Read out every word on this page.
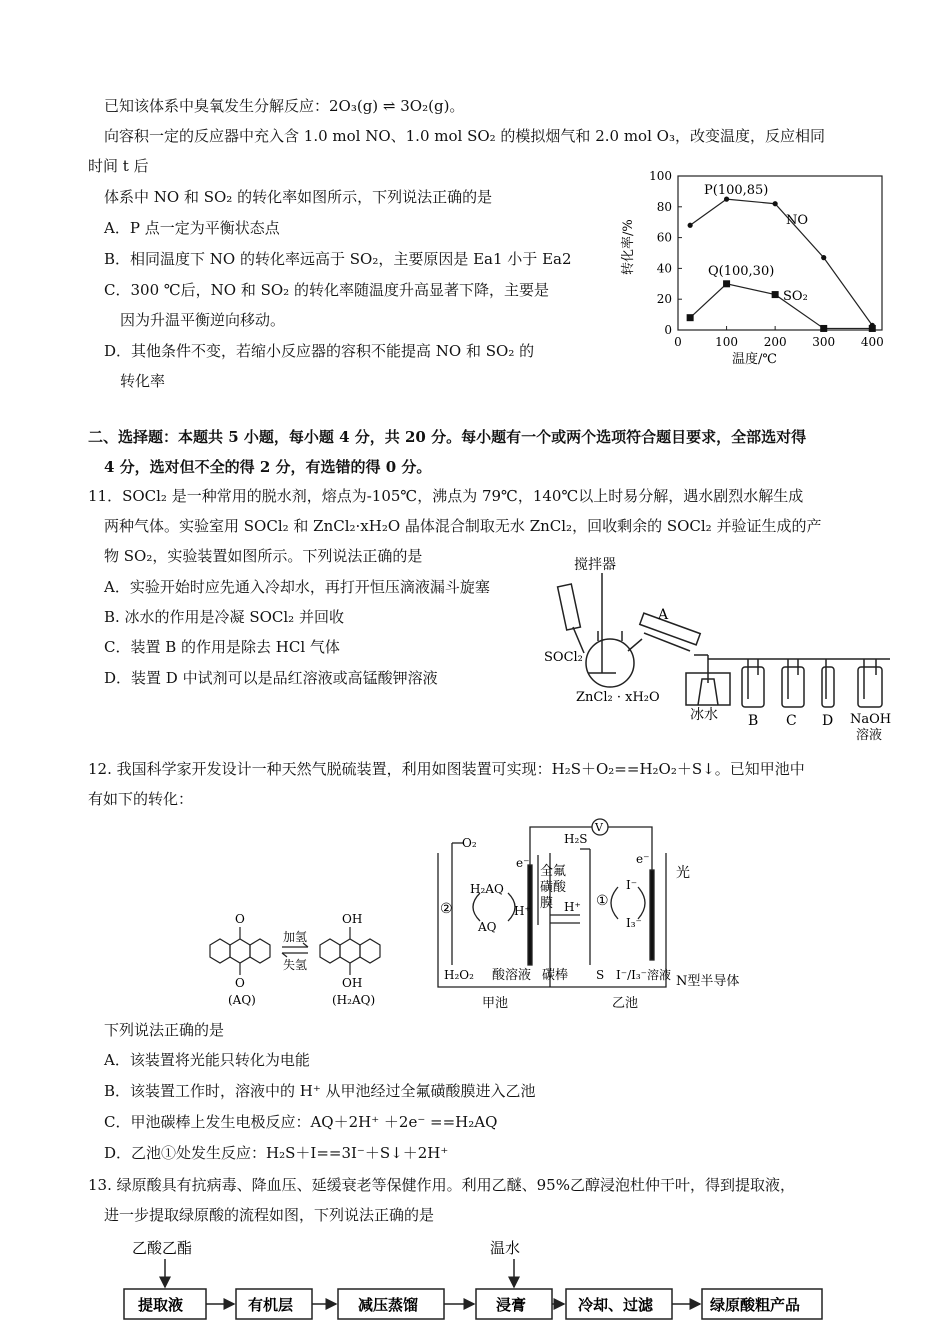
已知该体系中臭氧发生分解反应：2O₃(g) ⇌ 3O₂(g)。
向容积一定的反应器中充入含 1.0 mol NO、1.0 mol SO₂ 的模拟烟气和 2.0 mol O₃，改变温度，反应相同
时间 t 后
体系中 NO 和 SO₂ 的转化率如图所示，下列说法正确的是
A．P 点一定为平衡状态点
B．相同温度下 NO 的转化率远高于 SO₂，主要原因是 Ea1 小于 Ea2
C．300 ℃后，NO 和 SO₂ 的转化率随温度升高显著下降，主要是
因为升温平衡逆向移动。
D．其他条件不变，若缩小反应器的容积不能提高 NO 和 SO₂ 的
转化率
0
20
40
60
80
100
0	100 200 300 400
P(100,85)
NO
Q(100,30)
SO₂
温度/℃
转化率/%
二、选择题：本题共 5 小题，每小题 4 分，共 20 分。每小题有一个或两个选项符合题目要求，全部选对得
4 分，选对但不全的得 2 分，有选错的得 0 分。
11．SOCl₂ 是一种常用的脱水剂，熔点为-105℃，沸点为 79℃，140℃以上时易分解，遇水剧烈水解生成
两种气体。实验室用 SOCl₂ 和 ZnCl₂·xH₂O 晶体混合制取无水 ZnCl₂，回收剩余的 SOCl₂ 并验证生成的产
物 SO₂，实验装置如图所示。下列说法正确的是
A．实验开始时应先通入冷却水，再打开恒压滴液漏斗旋塞
B. 冰水的作用是冷凝 SOCl₂ 并回收
C．装置 B 的作用是除去 HCl 气体
D．装置 D 中试剂可以是品红溶液或高锰酸钾溶液
搅拌器
A
SOCl₂
ZnCl₂ · xH₂O
冰水 B C D NaOH
溶液
12. 我国科学家开发设计一种天然气脱硫装置，利用如图装置可实现：H₂S＋O₂==H₂O₂＋S↓。已知甲池中
有如下的转化：
O
O
OH
OH
加氢
失氢
(AQ)	(H₂AQ)
O₂	H₂S
V
e⁻	e⁻
全氟
磺酸
膜
H₂AQ
AQ
H⁺	H⁺
②	①
I⁻
I₃⁻
光
H₂O₂ 酸溶液 碳棒 S I⁻/I₃⁻溶液 N型半导体
甲池	乙池
下列说法正确的是
A．该装置将光能只转化为电能
B．该装置工作时，溶液中的 H⁺ 从甲池经过全氟磺酸膜进入乙池
C．甲池碳棒上发生电极反应：AQ＋2H⁺ ＋2e⁻ ==H₂AQ
D．乙池①处发生反应：H₂S＋I==3I⁻＋S↓＋2H⁺
13. 绿原酸具有抗病毒、降血压、延缓衰老等保健作用。利用乙醚、95%乙醇浸泡杜仲干叶，得到提取液，
进一步提取绿原酸的流程如图，下列说法正确的是
乙酸乙酯	温水
提取液	有机层	减压蒸馏	浸膏	冷却、过滤	绿原酸粗产品
